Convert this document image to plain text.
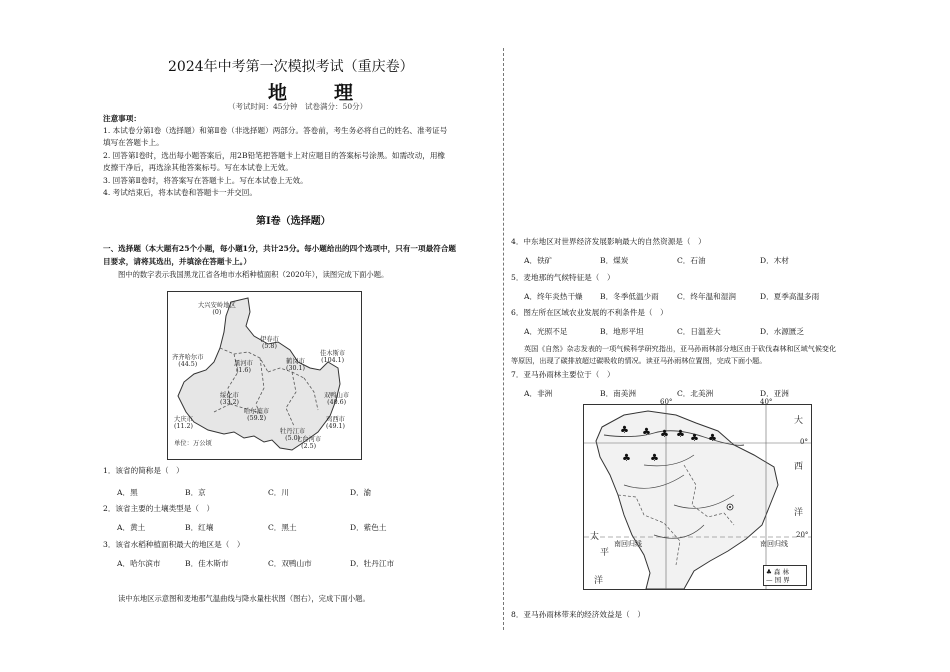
2024年中考第一次模拟考试（重庆卷）
地　理
（考试时间：45分钟　试卷满分：50分）
注意事项：
1. 本试卷分第Ⅰ卷（选择题）和第Ⅱ卷（非选择题）两部分。答卷前，考生务必将自己的姓名、准考证号
填写在答题卡上。
2. 回答第Ⅰ卷时，选出每小题答案后，用2B铅笔把答题卡上对应题目的答案标号涂黑。如需改动，用橡
皮擦干净后，再选涂其他答案标号。写在本试卷上无效。
3. 回答第Ⅱ卷时，将答案写在答题卡上。写在本试卷上无效。
4. 考试结束后，将本试卷和答题卡一并交回。
第Ⅰ卷（选择题）
一、选择题（本大题有25个小题，每小题1分，共计25分。每小题给出的四个选项中，只有一项最符合题
目要求，请将其选出，并填涂在答题卡上。）
图中的数字表示我国黑龙江省各地市水稻种植面积（2020年），读图完成下面小题。
大兴安岭地区
(0)
伊春市
(5.8)
齐齐哈尔市
(44.5)	黑河市
(1.6)
鹤岗市
(30.1)
佳木斯市
(104.1)
绥化市
(33.2)
双鸭山市
(40.6)
哈尔滨市
(59.2)	鸡西市
(49.1)
大庆市
(11.2)
牡丹江市
(5.0)
七台河市
(2.5)
单位：万公顷
1．该省的简称是（　）
A．黑	B．京	C．川	D．渝
2．该省主要的土壤类型是（　）
A．黄土	B．红壤	C．黑土	D．紫色土
3．该省水稻种植面积最大的地区是（　）
A．哈尔滨市	B．佳木斯市	C．双鸭山市	D．牡丹江市
读中东地区示意图和麦地那气温曲线与降水量柱状图（图右），完成下面小题。
4．中东地区对世界经济发展影响最大的自然资源是（　）
A．铁矿	B．煤炭	C．石油	D．木材
5．麦地那的气候特征是（　）
A．终年炎热干燥 B．冬季低温少雨 C．终年温和湿润	D．夏季高温多雨
6．图左所在区域农业发展的不利条件是（　）
A．光照不足	B．地形平坦	C．日温差大	D．水源匮乏
英国《自然》杂志发表的一项气候科学研究指出，亚马孙雨林部分地区由于砍伐森林和区域气候变化
等原因，出现了碳排放超过碳吸收的情况。读亚马孙雨林位置图，完成下面小题。
7．亚马孙雨林主要位于（　）
A．非洲	B．南美洲	C．北美洲	D．亚洲
♣ ♣ ♣ ♣ ♣ ♣
♣ ♣
60°	40°
0°
20°
大
西
洋
太
平
洋
南回归线	南回归线
♣ 森 林
— 国 界
8．亚马孙雨林带来的经济效益是（　）
